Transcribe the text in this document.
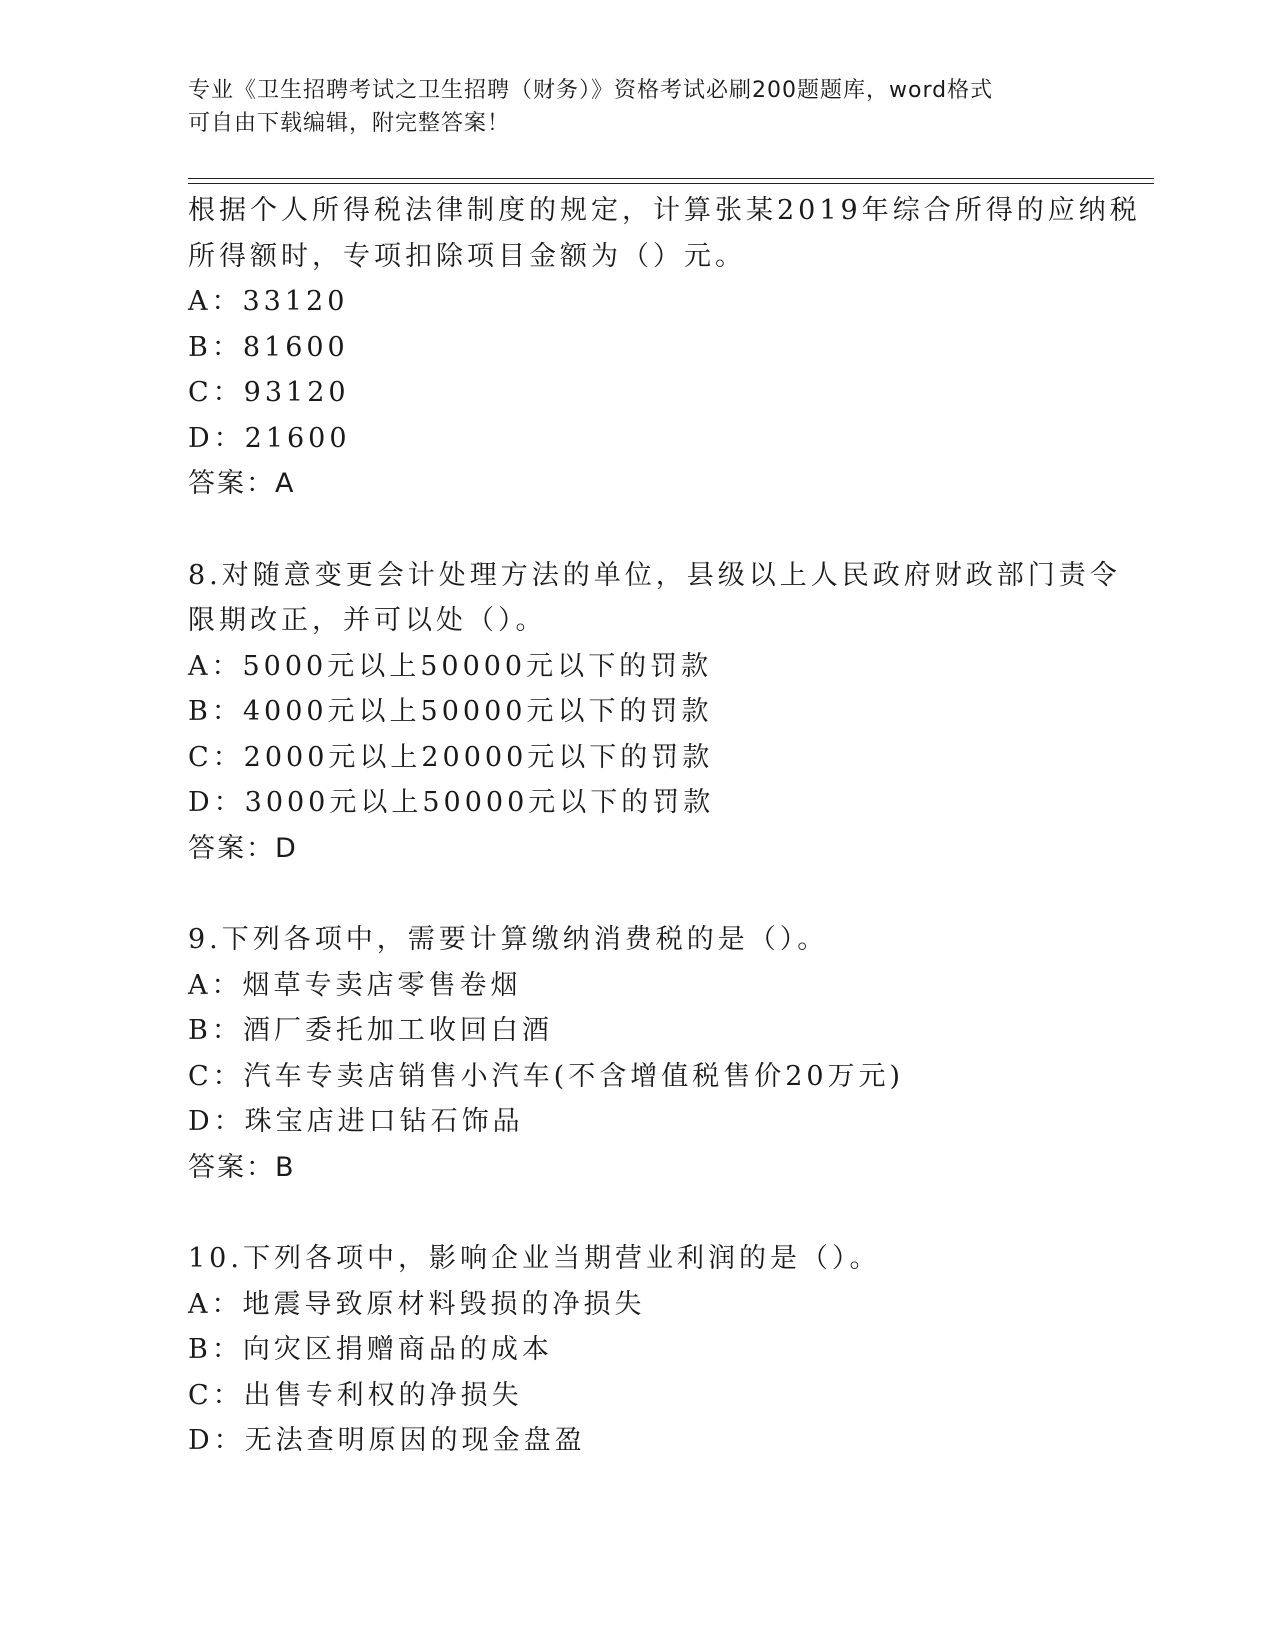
专业《卫生招聘考试之卫生招聘（财务）》资格考试必刷200题题库，word格式
可自由下载编辑，附完整答案！
根据个人所得税法律制度的规定，计算张某2019年综合所得的应纳税
所得额时，专项扣除项目金额为（）元。
A：33120
B：81600
C：93120
D：21600
答案：A
8.对随意变更会计处理方法的单位，县级以上人民政府财政部门责令
限期改正，并可以处（）。
A：5000元以上50000元以下的罚款
B：4000元以上50000元以下的罚款
C：2000元以上20000元以下的罚款
D：3000元以上50000元以下的罚款
答案：D
9.下列各项中，需要计算缴纳消费税的是（）。
A：烟草专卖店零售卷烟
B：酒厂委托加工收回白酒
C：汽车专卖店销售小汽车(不含增值税售价20万元)
D：珠宝店进口钻石饰品
答案：B
10.下列各项中，影响企业当期营业利润的是（）。
A：地震导致原材料毁损的净损失
B：向灾区捐赠商品的成本
C：出售专利权的净损失
D：无法查明原因的现金盘盈
